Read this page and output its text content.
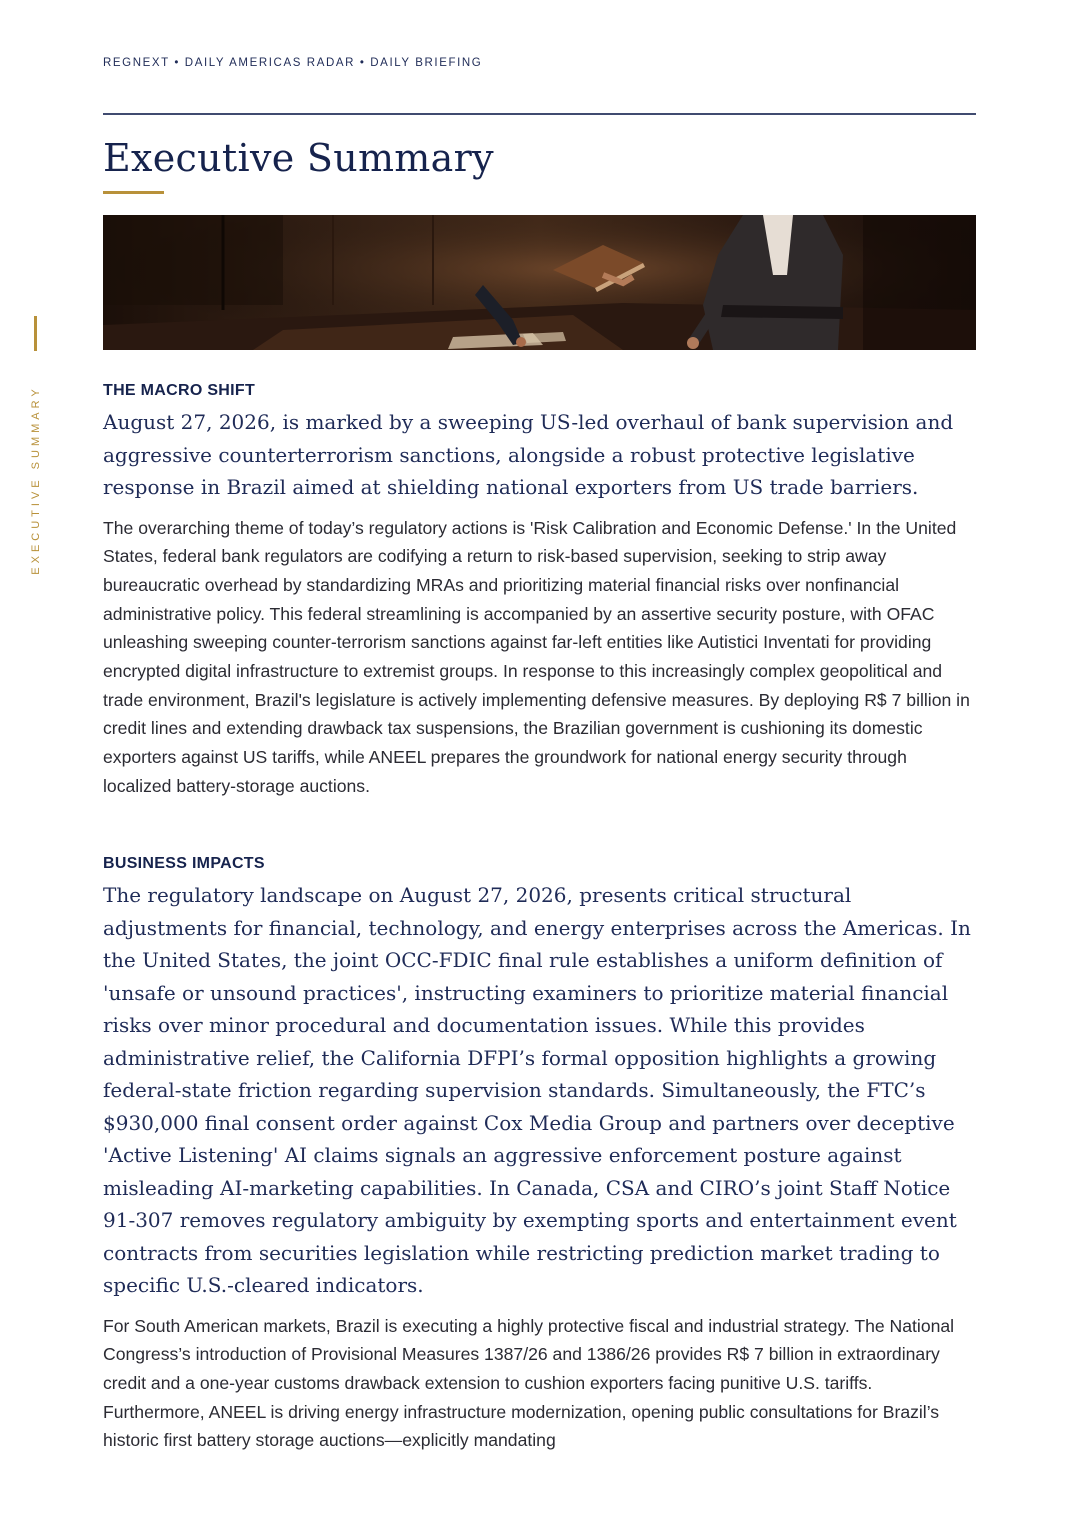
REGNEXT • DAILY AMERICAS RADAR • DAILY BRIEFING
Executive Summary
EXECUTIVE SUMMARY	THE MACRO SHIFT

August 27, 2026, is marked by a sweeping US-led overhaul of bank supervision and aggressive counterterrorism sanctions, alongside a robust protective legislative response in Brazil aimed at shielding national exporters from US trade barriers.

The overarching theme of today’s regulatory actions is 'Risk Calibration and Economic Defense.' In the United States, federal bank regulators are codifying a return to risk-based supervision, seeking to strip away bureaucratic overhead by standardizing MRAs and prioritizing material financial risks over nonfinancial administrative policy. This federal streamlining is accompanied by an assertive security posture, with OFAC unleashing sweeping counter-terrorism sanctions against far-left entities like Autistici Inventati for providing encrypted digital infrastructure to extremist groups. In response to this increasingly complex geopolitical and trade environment, Brazil's legislature is actively implementing defensive measures. By deploying R$ 7 billion in credit lines and extending drawback tax suspensions, the Brazilian government is cushioning its domestic exporters against US tariffs, while ANEEL prepares the groundwork for national energy security through localized battery-storage auctions.

BUSINESS IMPACTS

The regulatory landscape on August 27, 2026, presents critical structural adjustments for financial, technology, and energy enterprises across the Americas. In the United States, the joint OCC-FDIC final rule establishes a uniform definition of 'unsafe or unsound practices', instructing examiners to prioritize material financial risks over minor procedural and documentation issues. While this provides administrative relief, the California DFPI’s formal opposition highlights a growing federal-state friction regarding supervision standards. Simultaneously, the FTC’s $930,000 final consent order against Cox Media Group and partners over deceptive 'Active Listening' AI claims signals an aggressive enforcement posture against misleading AI-marketing capabilities. In Canada, CSA and CIRO’s joint Staff Notice 91-307 removes regulatory ambiguity by exempting sports and entertainment event contracts from securities legislation while restricting prediction market trading to specific U.S.-cleared indicators.

For South American markets, Brazil is executing a highly protective fiscal and industrial strategy. The National Congress’s introduction of Provisional Measures 1387/26 and 1386/26 provides R$ 7 billion in extraordinary credit and a one-year customs drawback extension to cushion exporters facing punitive U.S. tariffs. Furthermore, ANEEL is driving energy infrastructure modernization, opening public consultations for Brazil’s historic first battery storage auctions—explicitly mandating
